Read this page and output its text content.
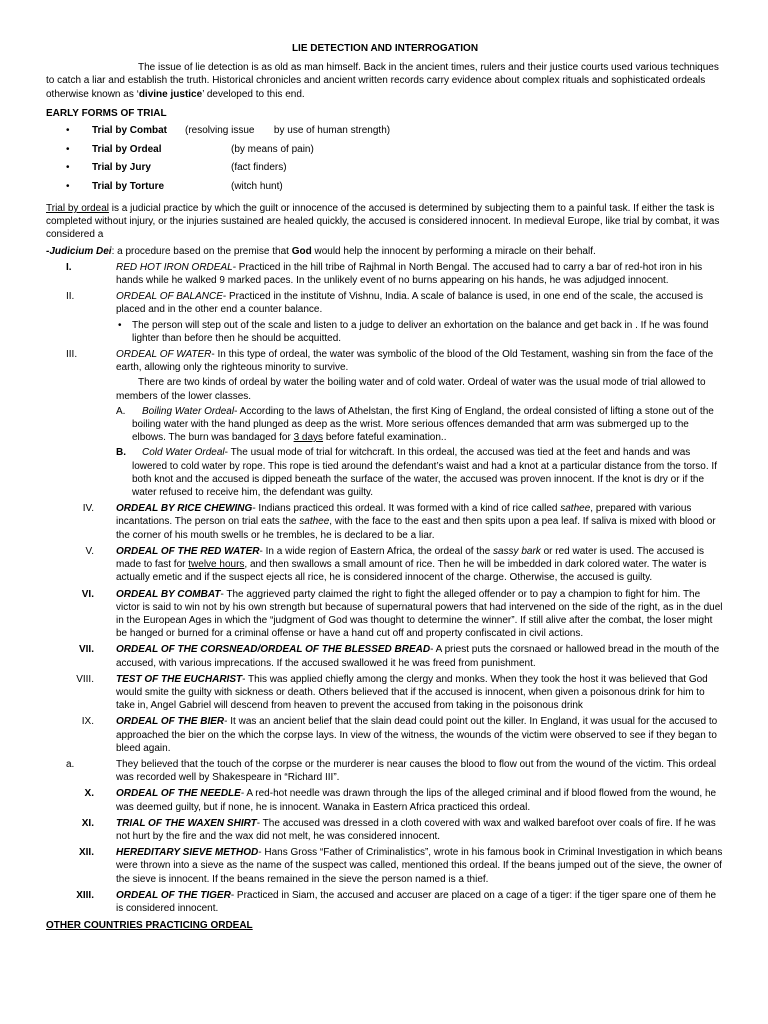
LIE DETECTION AND INTERROGATION

The issue of lie detection is as old as man himself. Back in the ancient times, rulers and their justice courts used various techniques to catch a liar and establish the truth. Historical chronicles and ancient written records carry evidence about complex rituals and sophisticated ordeals otherwise known as ‘divine justice’ developed to this end.

EARLY FORMS OF TRIAL
• Trial by Combat (resolving issue       by use of human strength)
• Trial by Ordeal	(by means of pain)
• Trial by Jury	(fact finders)
• Trial by Torture	(witch hunt)

Trial by ordeal is a judicial practice by which the guilt or innocence of the accused is determined by subjecting them to a painful task. If either the task is completed without injury, or the injuries sustained are healed quickly, the accused is considered innocent. In medieval Europe, like trial by combat, it was considered a

-Judicium Dei: a procedure based on the premise that God would help the innocent by performing a miracle on their behalf.

I.	RED HOT IRON ORDEAL- Practiced in the hill tribe of Rajhmal in North Bengal. The accused had to carry a bar of red-hot iron in his hands while he walked 9 marked paces. In the unlikely event of no burns appearing on his hands, he was adjudged innocent.
II.	ORDEAL OF BALANCE- Practiced in the institute of Vishnu, India. A scale of balance is used, in one end of the scale, the accused is placed and in the other end a counter balance.
• The person will step out of the scale and listen to a judge to deliver an exhortation on the balance and get back in . If he was found lighter than before then he should be acquitted.
III.	ORDEAL OF WATER- In this type of ordeal, the water was symbolic of the blood of the Old Testament, washing sin from the face of the earth, allowing only the righteous minority to survive.
There are two kinds of ordeal by water the boiling water and of cold water. Ordeal of water was the usual mode of trial allowed to members of the lower classes.
A. Boiling Water Ordeal- According to the laws of Athelstan, the first King of England, the ordeal consisted of lifting a stone out of the boiling water with the hand plunged as deep as the wrist. More serious offences demanded that arm was submerged up to the elbows. The burn was bandaged for 3 days before fateful examination..
B. Cold Water Ordeal- The usual mode of trial for witchcraft. In this ordeal, the accused was tied at the feet and hands and was lowered to cold water by rope. This rope is tied around the defendant’s waist and had a knot at a particular distance from the torso. If both knot and the accused is dipped beneath the surface of the water, the accused was proven innocent. If the knot is dry or if the water refused to receive him, the defendant was guilty.
IV. ORDEAL BY RICE CHEWING- Indians practiced this ordeal. It was formed with a kind of rice called sathee, prepared with various incantations. The person on trial eats the sathee, with the face to the east and then spits upon a pea leaf. If saliva is mixed with blood or the corner of his mouth swells or he trembles, he is declared to be a liar.
V. ORDEAL OF THE RED WATER- In a wide region of Eastern Africa, the ordeal of the sassy bark or red water is used. The accused is made to fast for twelve hours, and then swallows a small amount of rice. Then he will be imbedded in dark colored water. The water is actually emetic and if the suspect ejects all rice, he is considered innocent of the charge. Otherwise, the accused is guilty.
VI. ORDEAL BY COMBAT- The aggrieved party claimed the right to fight the alleged offender or to pay a champion to fight for him. The victor is said to win not by his own strength but because of supernatural powers that had intervened on the side of the right, as in the duel in the European Ages in which the “judgment of God was thought to determine the winner”. If still alive after the combat, the loser might be hanged or burned for a criminal offense or have a hand cut off and property confiscated in civil actions.
VII. ORDEAL OF THE CORSNEAD/ORDEAL OF THE BLESSED BREAD- A priest puts the corsnaed or hallowed bread in the mouth of the accused, with various imprecations. If the accused swallowed it he was freed from punishment.
VIII. TEST OF THE EUCHARIST- This was applied chiefly among the clergy and monks. When they took the host it was believed that God would smite the guilty with sickness or death. Others believed that if the accused is innocent, when given a poisonous drink for him to take in, Angel Gabriel will descend from heaven to prevent the accused from taking in the poisonous drink
IX. ORDEAL OF THE BIER- It was an ancient belief that the slain dead could point out the killer. In England, it was usual for the accused to approached the bier on the which the corpse lays. In view of the witness, the wounds of the victim were observed to see if they began to bleed again.
a.	They believed that the touch of the corpse or the murderer is near causes the blood to flow out from the wound of the victim. This ordeal was recorded well by Shakespeare in “Richard III”.
X. ORDEAL OF THE NEEDLE- A red-hot needle was drawn through the lips of the alleged criminal and if blood flowed from the wound, he was deemed guilty, but if none, he is innocent. Wanaka in Eastern Africa practiced this ordeal.
XI. TRIAL OF THE WAXEN SHIRT- The accused was dressed in a cloth covered with wax and walked barefoot over coals of fire. If he was not hurt by the fire and the wax did not melt, he was considered innocent.
XII. HEREDITARY SIEVE METHOD- Hans Gross “Father of Criminalistics”, wrote in his famous book in Criminal Investigation in which beans were thrown into a sieve as the name of the suspect was called, mentioned this ordeal. If the beans jumped out of the sieve, the owner of the sieve is innocent. If the beans remained in the sieve the person named is a thief.
XIII. ORDEAL OF THE TIGER- Practiced in Siam, the accused and accuser are placed on a cage of a tiger: if the tiger spare one of them he is considered innocent.
OTHER COUNTRIES PRACTICING ORDEAL
